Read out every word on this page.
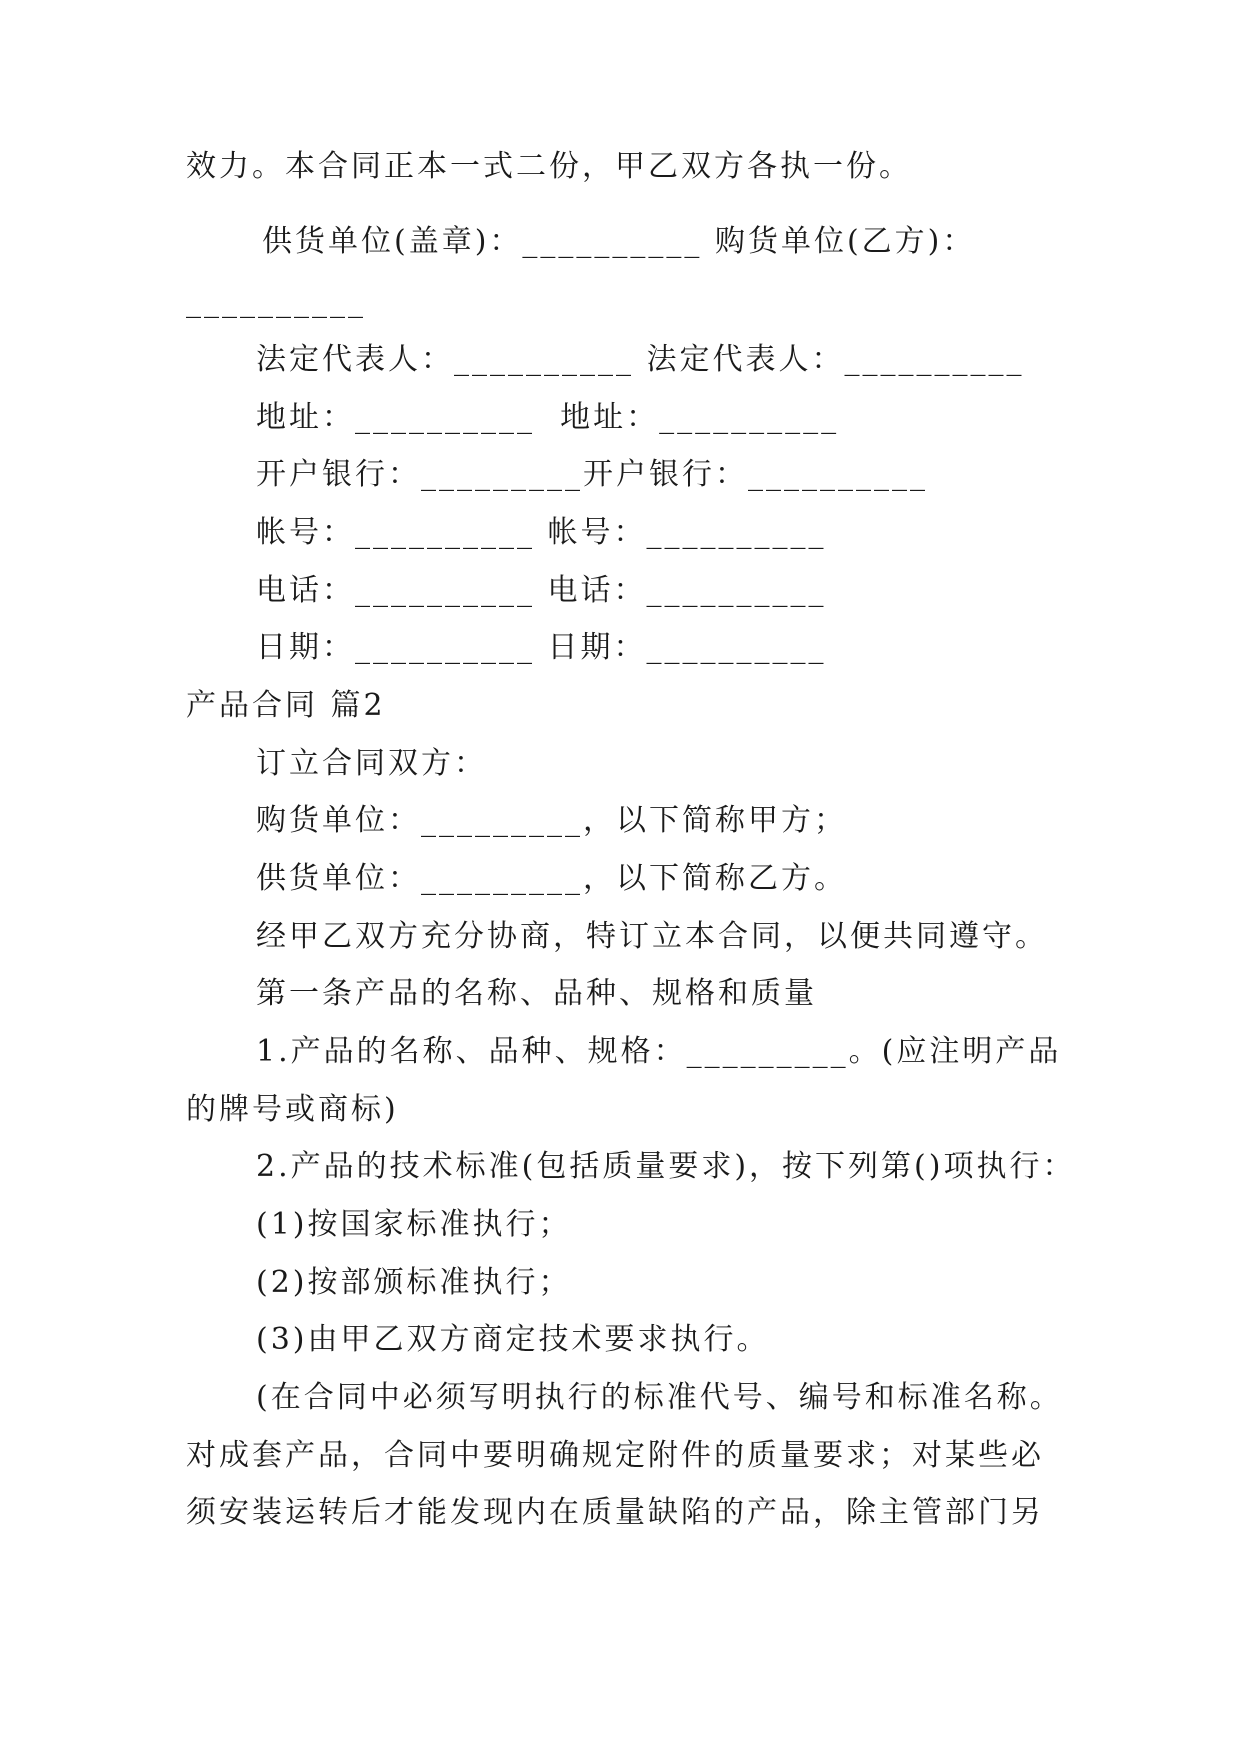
效力。本合同正本一式二份，甲乙双方各执一份。
供货单位(盖章)：__________ 购货单位(乙方)：
__________
法定代表人：__________ 法定代表人：__________
地址：__________  地址：__________
开户银行：_________开户银行：__________
帐号：__________ 帐号：__________
电话：__________ 电话：__________
日期：__________ 日期：__________
产品合同 篇2
订立合同双方：
购货单位：_________，以下简称甲方；
供货单位：_________，以下简称乙方。
经甲乙双方充分协商，特订立本合同，以便共同遵守。
第一条产品的名称、品种、规格和质量
1.产品的名称、品种、规格：_________。(应注明产品
的牌号或商标)
2.产品的技术标准(包括质量要求)，按下列第()项执行：
(1)按国家标准执行；
(2)按部颁标准执行；
(3)由甲乙双方商定技术要求执行。
(在合同中必须写明执行的标准代号、编号和标准名称。
对成套产品，合同中要明确规定附件的质量要求；对某些必
须安装运转后才能发现内在质量缺陷的产品，除主管部门另
